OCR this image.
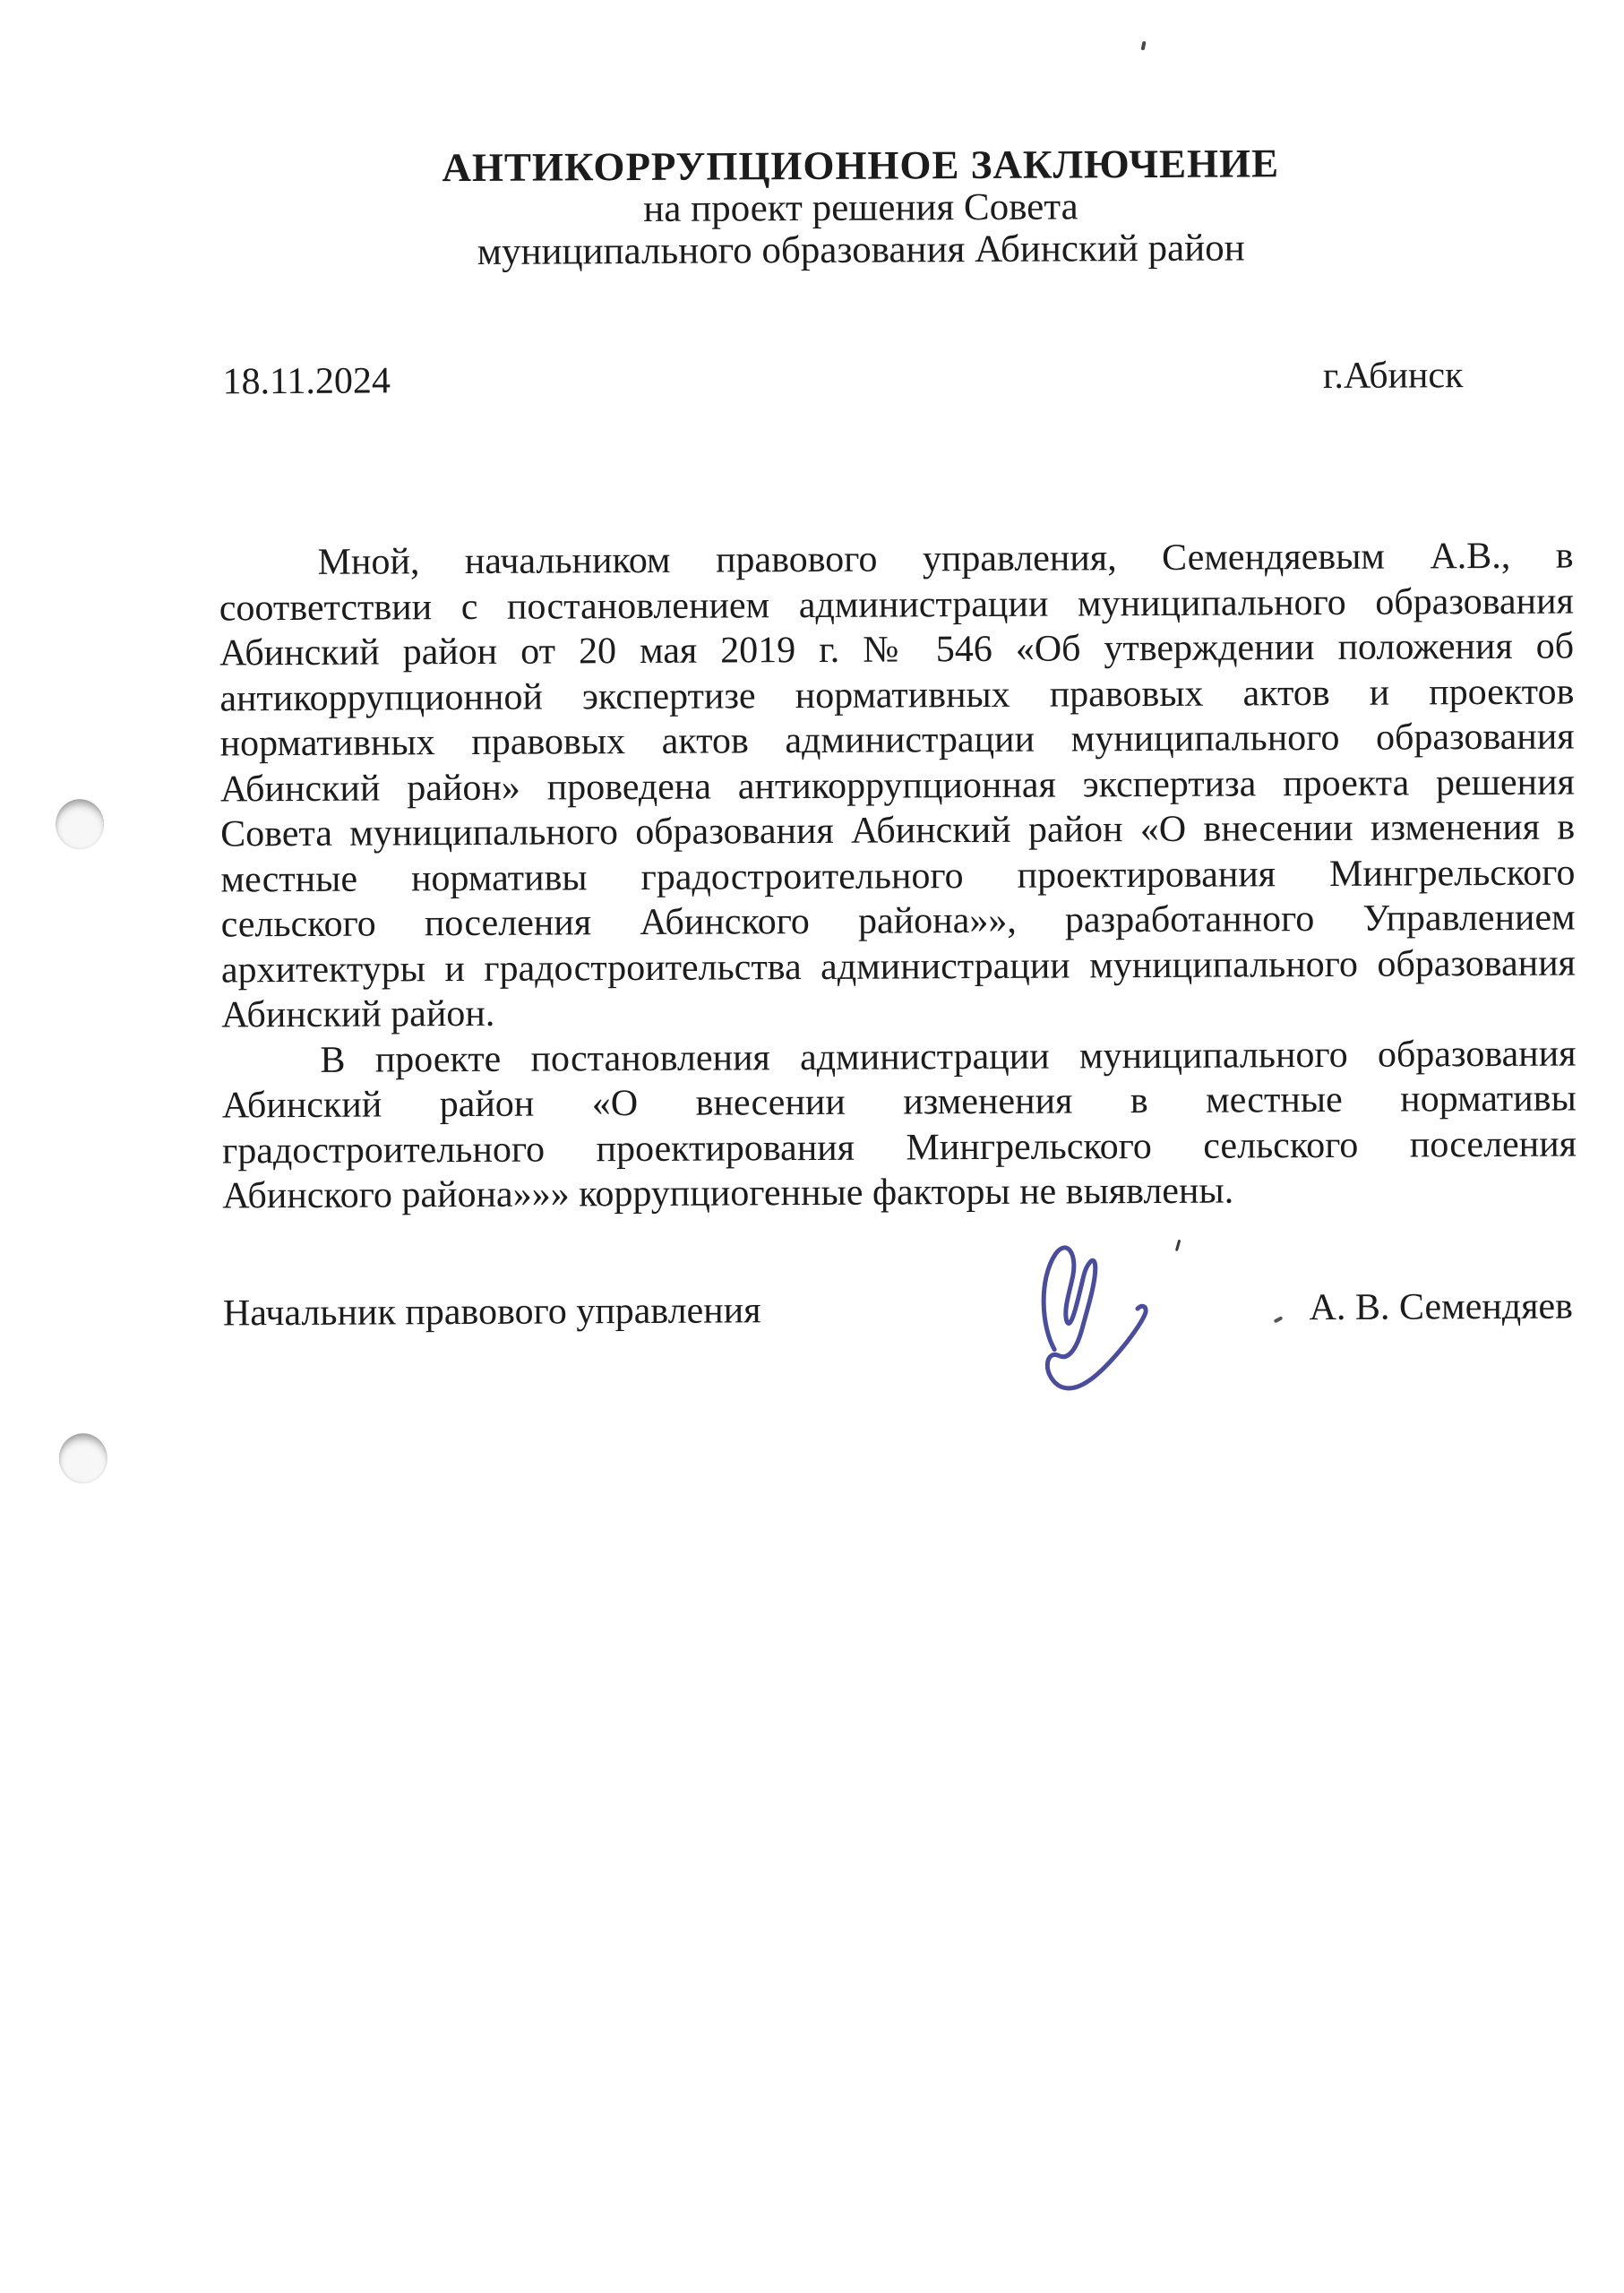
АНТИКОРРУПЦИОННОЕ ЗАКЛЮЧЕНИЕ
на проект решения Совета
муниципального образования Абинский район
18.11.2024	г.Абинск
Мной, начальником правового управления, Семендяевым А.В., в
соответствии с постановлением администрации муниципального образования
Абинский район от 20 мая 2019 г. № 546 «Об утверждении положения об
антикоррупционной экспертизе нормативных правовых актов и проектов
нормативных правовых актов администрации муниципального образования
Абинский район» проведена антикоррупционная экспертиза проекта решения
Совета муниципального образования Абинский район «О внесении изменения в
местные нормативы градостроительного проектирования Мингрельского
сельского поселения Абинского района»», разработанного Управлением
архитектуры и градостроительства администрации муниципального образования
Абинский район.
В проекте постановления администрации муниципального образования
Абинский район «О внесении изменения в местные нормативы
градостроительного проектирования Мингрельского сельского поселения
Абинского района»»» коррупциогенные факторы не выявлены.
Начальник правового управления	А. В. Семендяев
